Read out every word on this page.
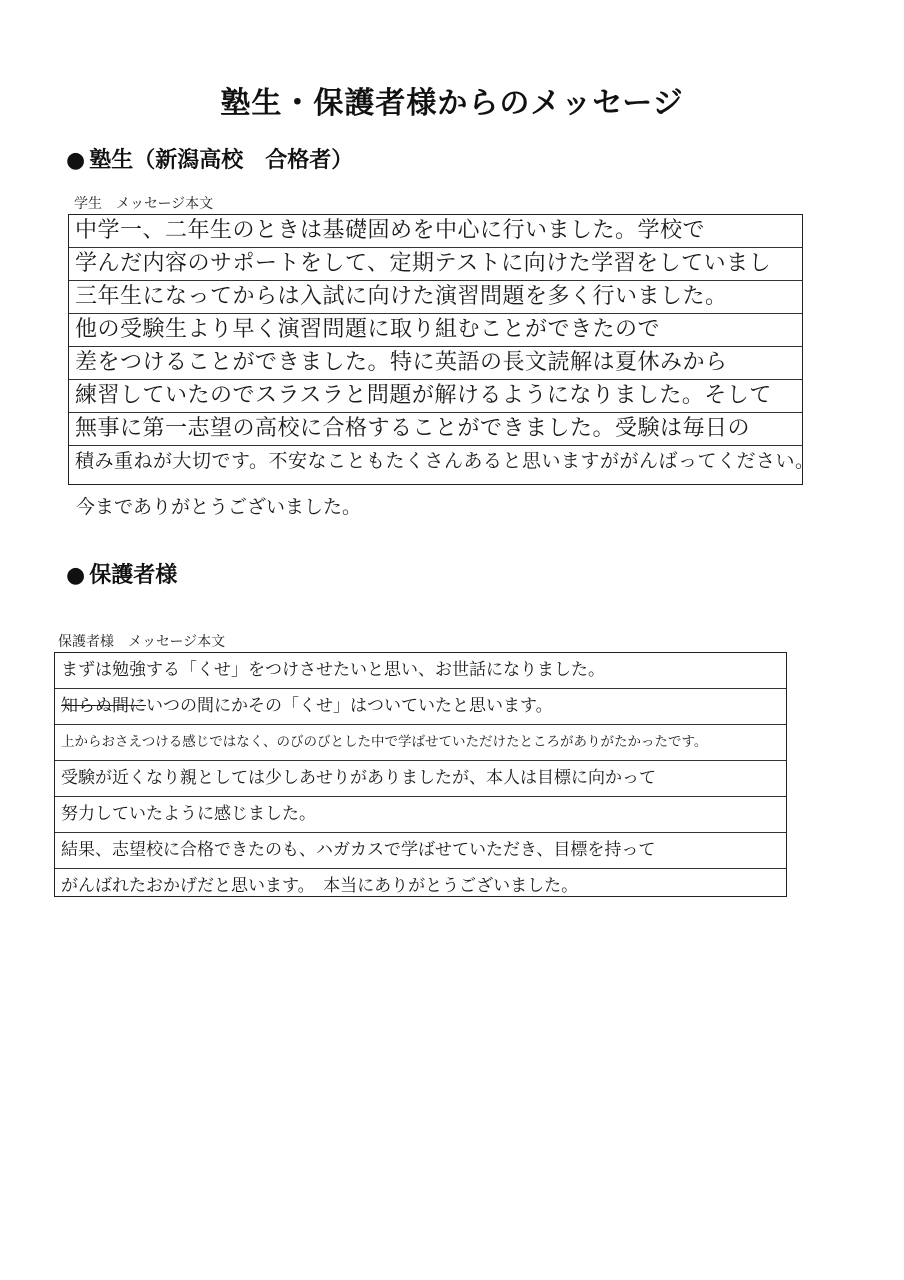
塾生・保護者様からのメッセージ
● 塾生（新潟高校　合格者）
学生　メッセージ本文
中学一、二年生のときは基礎固めを中心に行いました。学校で
学んだ内容のサポートをして、定期テストに向けた学習をしていまし
三年生になってからは入試に向けた演習問題を多く行いました。
他の受験生より早く演習問題に取り組むことができたので
差をつけることができました。特に英語の長文読解は夏休みから
練習していたのでスラスラと問題が解けるようになりました。そして
無事に第一志望の高校に合格することができました。受験は毎日の
積み重ねが大切です。不安なこともたくさんあると思いますががんばってください。
今までありがとうございました。
● 保護者様
保護者様　メッセージ本文
まずは勉強する「くせ」をつけさせたいと思い、お世話になりました。
知らぬ間にいつの間にかその「くせ」はついていたと思います。
上からおさえつける感じではなく、のびのびとした中で学ばせていただけたところがありがたかったです。
受験が近くなり親としては少しあせりがありましたが、本人は目標に向かって
努力していたように感じました。
結果、志望校に合格できたのも、ハガカスで学ばせていただき、目標を持って
がんばれたおかげだと思います。　本当にありがとうございました。
